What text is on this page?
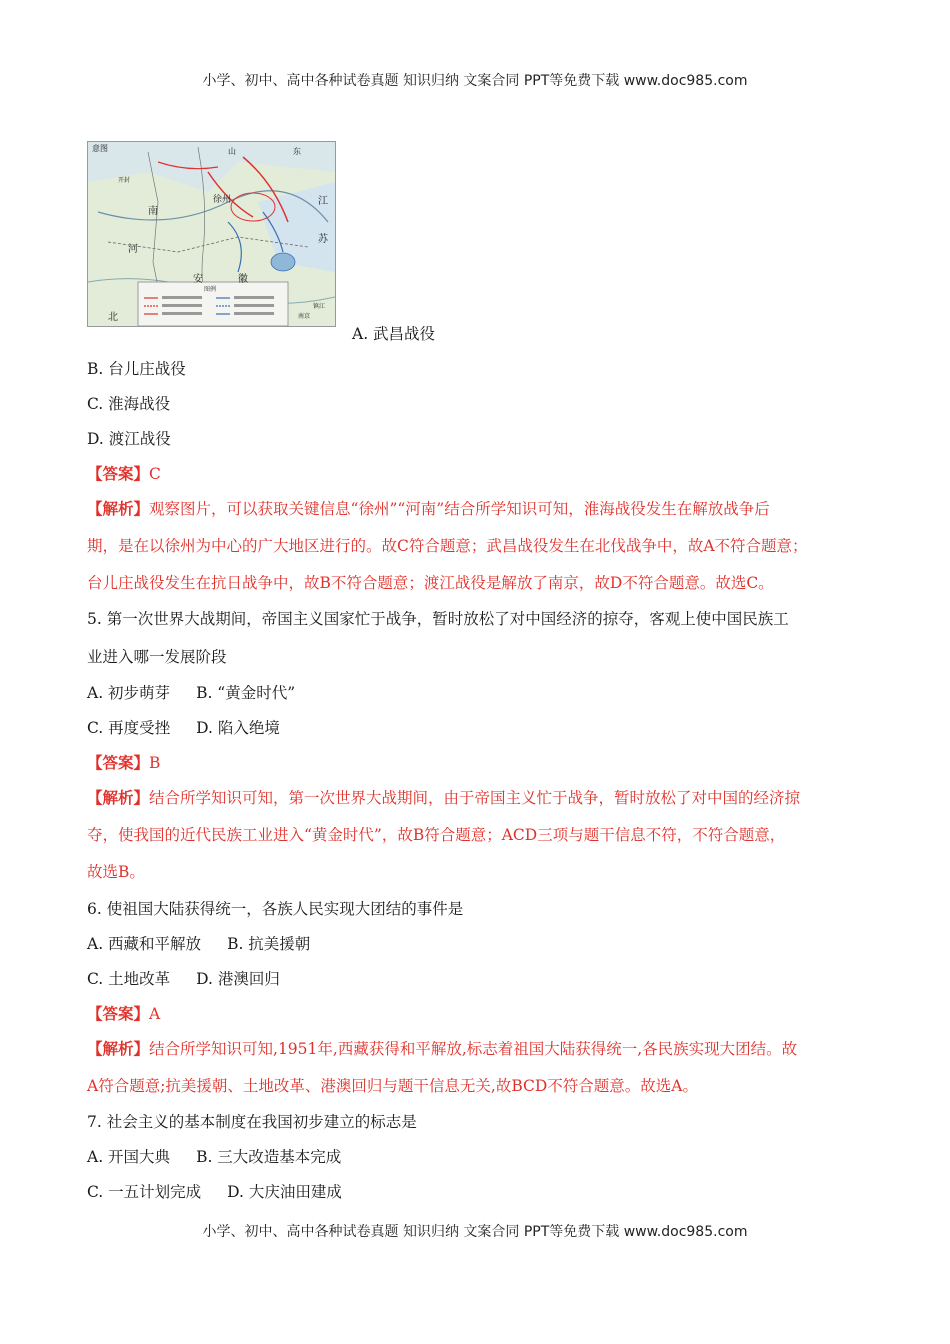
小学、初中、高中各种试卷真题 知识归纳 文案合同 PPT等免费下载 www.doc985.com
图例
意图	山	东
开封
南
徐州
河
江
苏
安	徽
北	南京
镇江
A. 武昌战役
B. 台儿庄战役
C. 淮海战役
D. 渡江战役
【答案】C
【解析】观察图片，可以获取关键信息“徐州”“河南”结合所学知识可知，淮海战役发生在解放战争后
期，是在以徐州为中心的广大地区进行的。故C符合题意；武昌战役发生在北伐战争中，故A不符合题意；
台儿庄战役发生在抗日战争中，故B不符合题意；渡江战役是解放了南京，故D不符合题意。故选C。
5. 第一次世界大战期间，帝国主义国家忙于战争，暂时放松了对中国经济的掠夺，客观上使中国民族工
业进入哪一发展阶段
A. 初步萌芽 B. “黄金时代”
C. 再度受挫 D. 陷入绝境
【答案】B
【解析】结合所学知识可知，第一次世界大战期间，由于帝国主义忙于战争，暂时放松了对中国的经济掠
夺，使我国的近代民族工业进入“黄金时代”，故B符合题意；ACD三项与题干信息不符，不符合题意，
故选B。
6. 使祖国大陆获得统一，各族人民实现大团结的事件是
A. 西藏和平解放 B. 抗美援朝
C. 土地改革 D. 港澳回归
【答案】A
【解析】结合所学知识可知,1951年,西藏获得和平解放,标志着祖国大陆获得统一,各民族实现大团结。故
A符合题意;抗美援朝、土地改革、港澳回归与题干信息无关,故BCD不符合题意。故选A。
7. 社会主义的基本制度在我国初步建立的标志是
A. 开国大典 B. 三大改造基本完成
C. 一五计划完成 D. 大庆油田建成
小学、初中、高中各种试卷真题 知识归纳 文案合同 PPT等免费下载 www.doc985.com
